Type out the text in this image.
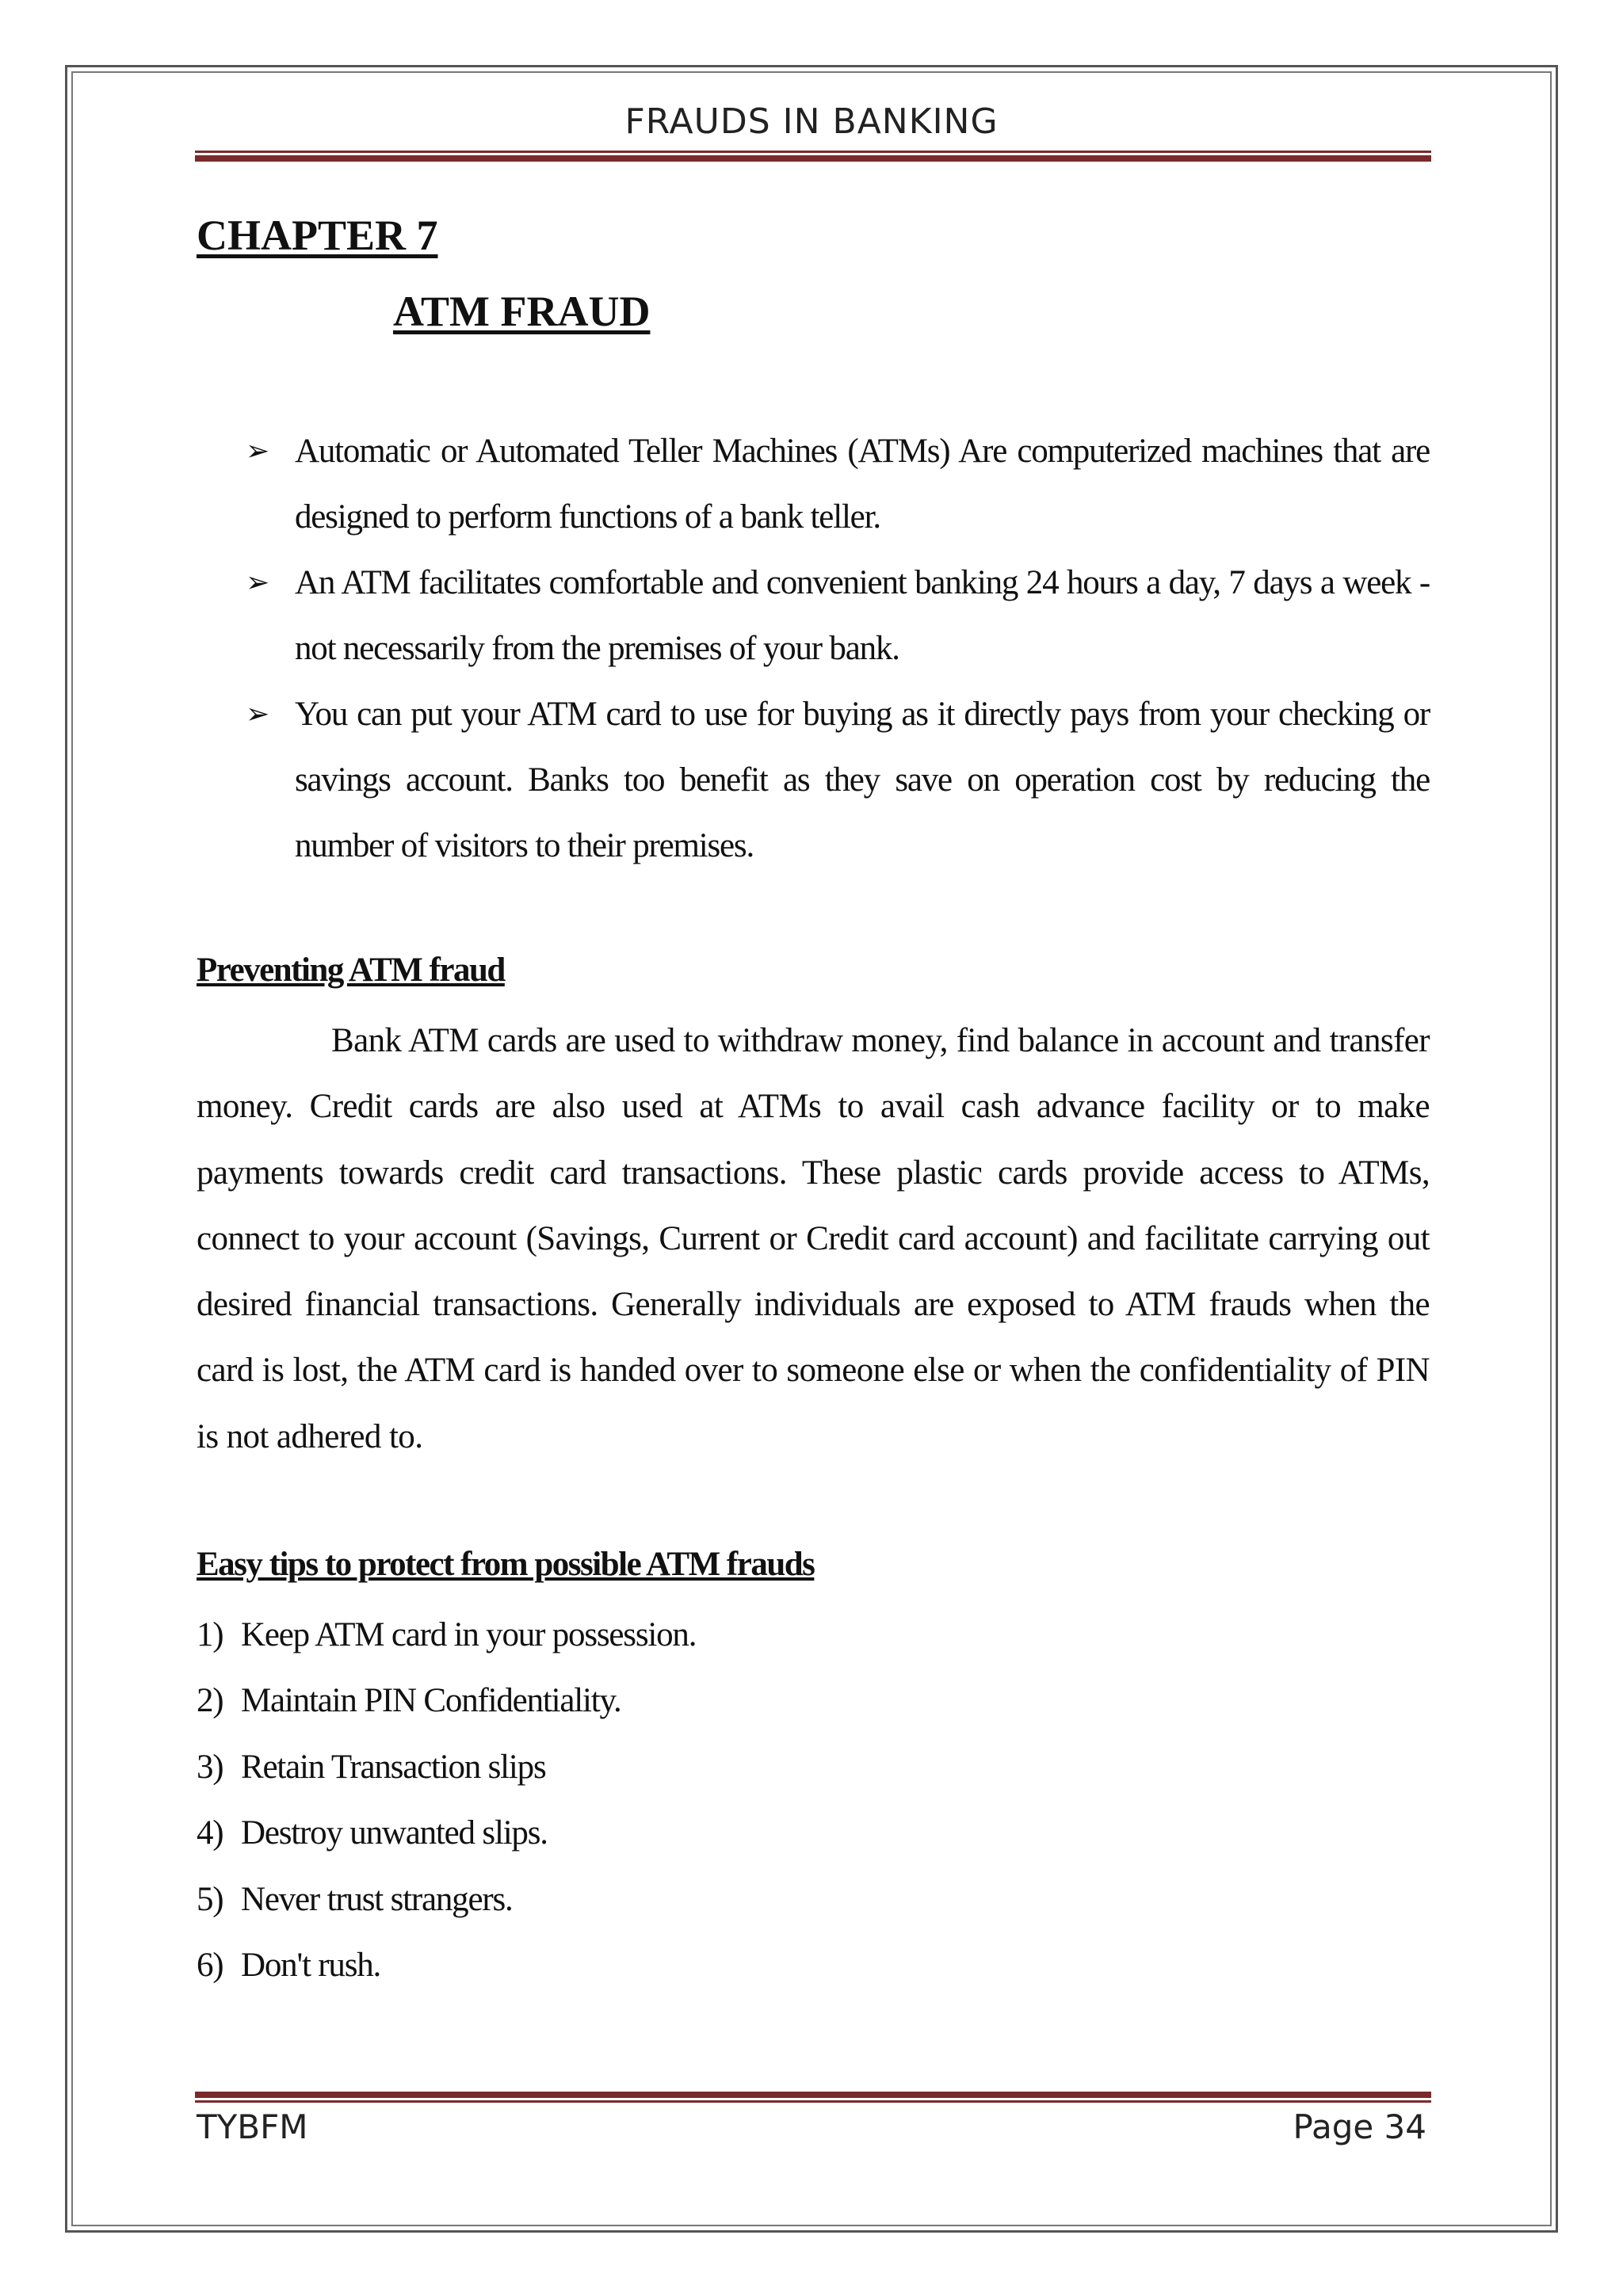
FRAUDS IN BANKING
CHAPTER 7
ATM FRAUD
➢ Automatic or Automated Teller Machines (ATMs) Are computerized machines that are designed to perform functions of a bank teller.
➢ An ATM facilitates comfortable and convenient banking 24 hours a day, 7 days a week - not necessarily from the premises of your bank.
➢ You can put your ATM card to use for buying as it directly pays from your checking or savings account. Banks too benefit as they save on operation cost by reducing the number of visitors to their premises.
Preventing ATM fraud

Bank ATM cards are used to withdraw money, find balance in account and transfer money. Credit cards are also used at ATMs to avail cash advance facility or to make payments towards credit card transactions. These plastic cards provide access to ATMs, connect to your account (Savings, Current or Credit card account) and facilitate carrying out desired financial transactions. Generally individuals are exposed to ATM frauds when the card is lost, the ATM card is handed over to someone else or when the confidentiality of PIN is not adhered to.

Easy tips to protect from possible ATM frauds
1) Keep ATM card in your possession.
2) Maintain PIN Confidentiality.
3) Retain Transaction slips
4) Destroy unwanted slips.
5) Never trust strangers.
6) Don't rush.
TYBFM	Page 34
